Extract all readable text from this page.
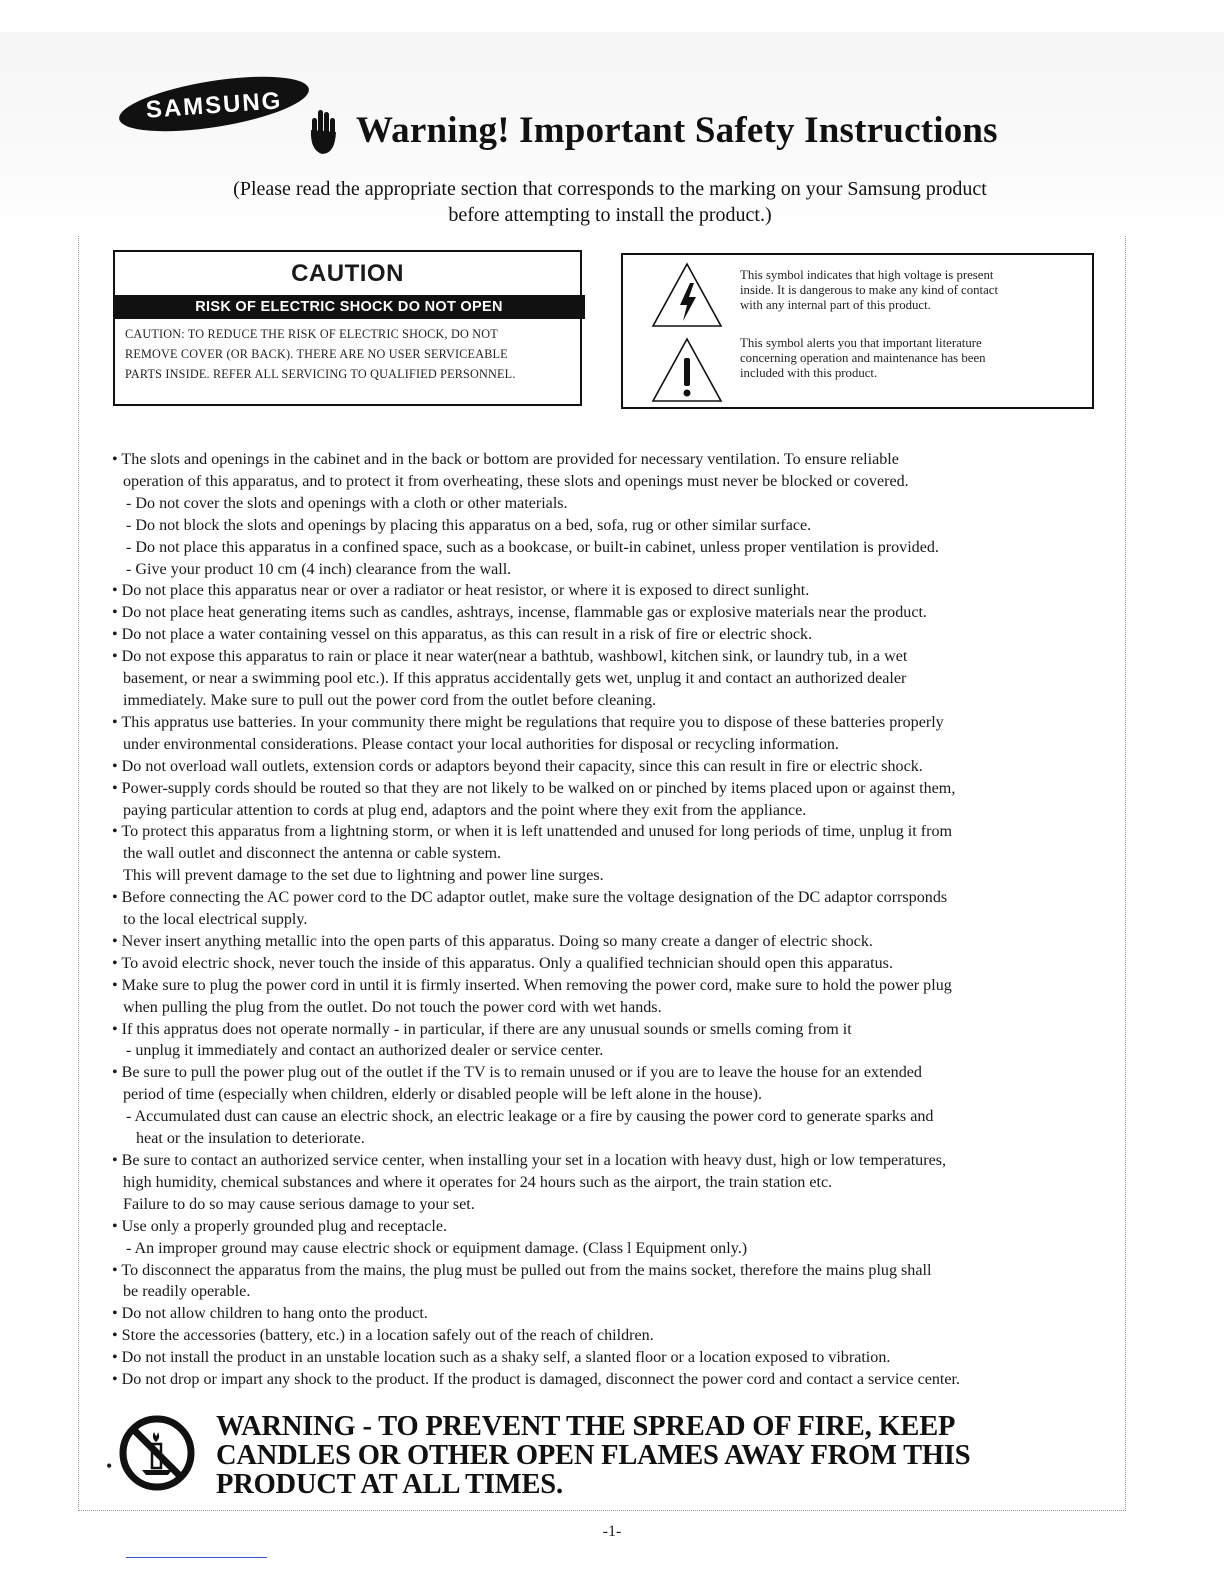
SAMSUNG
Warning! Important Safety Instructions
(Please read the appropriate section that corresponds to the marking on your Samsung product
before attempting to install the product.)
CAUTION
RISK OF ELECTRIC SHOCK DO NOT OPEN
CAUTION: TO REDUCE THE RISK OF ELECTRIC SHOCK, DO NOT
REMOVE COVER (OR BACK). THERE ARE NO USER SERVICEABLE
PARTS INSIDE. REFER ALL SERVICING TO QUALIFIED PERSONNEL.
This symbol indicates that high voltage is present
inside. It is dangerous to make any kind of contact
with any internal part of this product.
This symbol alerts you that important literature
concerning operation and maintenance has been
included with this product.
• The slots and openings in the cabinet and in the back or bottom are provided for necessary ventilation. To ensure reliable
operation of this apparatus, and to protect it from overheating, these slots and openings must never be blocked or covered.
- Do not cover the slots and openings with a cloth or other materials.
- Do not block the slots and openings by placing this apparatus on a bed, sofa, rug or other similar surface.
- Do not place this apparatus in a confined space, such as a bookcase, or built-in cabinet, unless proper ventilation is provided.
- Give your product 10 cm (4 inch) clearance from the wall.
• Do not place this apparatus near or over a radiator or heat resistor, or where it is exposed to direct sunlight.
• Do not place heat generating items such as candles, ashtrays, incense, flammable gas or explosive materials near the product.
• Do not place a water containing vessel on this apparatus, as this can result in a risk of fire or electric shock.
• Do not expose this apparatus to rain or place it near water(near a bathtub, washbowl, kitchen sink, or laundry tub, in a wet
basement, or near a swimming pool etc.). If this appratus accidentally gets wet, unplug it and contact an authorized dealer
immediately. Make sure to pull out the power cord from the outlet before cleaning.
• This appratus use batteries. In your community there might be regulations that require you to dispose of these batteries properly
under environmental considerations. Please contact your local authorities for disposal or recycling information.
• Do not overload wall outlets, extension cords or adaptors beyond their capacity, since this can result in fire or electric shock.
• Power-supply cords should be routed so that they are not likely to be walked on or pinched by items placed upon or against them,
paying particular attention to cords at plug end, adaptors and the point where they exit from the appliance.
• To protect this apparatus from a lightning storm, or when it is left unattended and unused for long periods of time, unplug it from
the wall outlet and disconnect the antenna or cable system.
This will prevent damage to the set due to lightning and power line surges.
• Before connecting the AC power cord to the DC adaptor outlet, make sure the voltage designation of the DC adaptor corrsponds
to the local electrical supply.
• Never insert anything metallic into the open parts of this apparatus. Doing so many create a danger of electric shock.
• To avoid electric shock, never touch the inside of this apparatus. Only a qualified technician should open this apparatus.
• Make sure to plug the power cord in until it is firmly inserted. When removing the power cord, make sure to hold the power plug
when pulling the plug from the outlet. Do not touch the power cord with wet hands.
• If this appratus does not operate normally - in particular, if there are any unusual sounds or smells coming from it
- unplug it immediately and contact an authorized dealer or service center.
• Be sure to pull the power plug out of the outlet if the TV is to remain unused or if you are to leave the house for an extended
period of time (especially when children, elderly or disabled people will be left alone in the house).
- Accumulated dust can cause an electric shock, an electric leakage or a fire by causing the power cord to generate sparks and
heat or the insulation to deteriorate.
• Be sure to contact an authorized service center, when installing your set in a location with heavy dust, high or low temperatures,
high humidity, chemical substances and where it operates for 24 hours such as the airport, the train station etc.
Failure to do so may cause serious damage to your set.
• Use only a properly grounded plug and receptacle.
- An improper ground may cause electric shock or equipment damage. (Class l Equipment only.)
• To disconnect the apparatus from the mains, the plug must be pulled out from the mains socket, therefore the mains plug shall
be readily operable.
• Do not allow children to hang onto the product.
• Store the accessories (battery, etc.) in a location safely out of the reach of children.
• Do not install the product in an unstable location such as a shaky self, a slanted floor or a location exposed to vibration.
• Do not drop or impart any shock to the product. If the product is damaged, disconnect the power cord and contact a service center.
•
WARNING - TO PREVENT THE SPREAD OF FIRE, KEEP
CANDLES OR OTHER OPEN FLAMES AWAY FROM THIS
PRODUCT AT ALL TIMES.
-1-
